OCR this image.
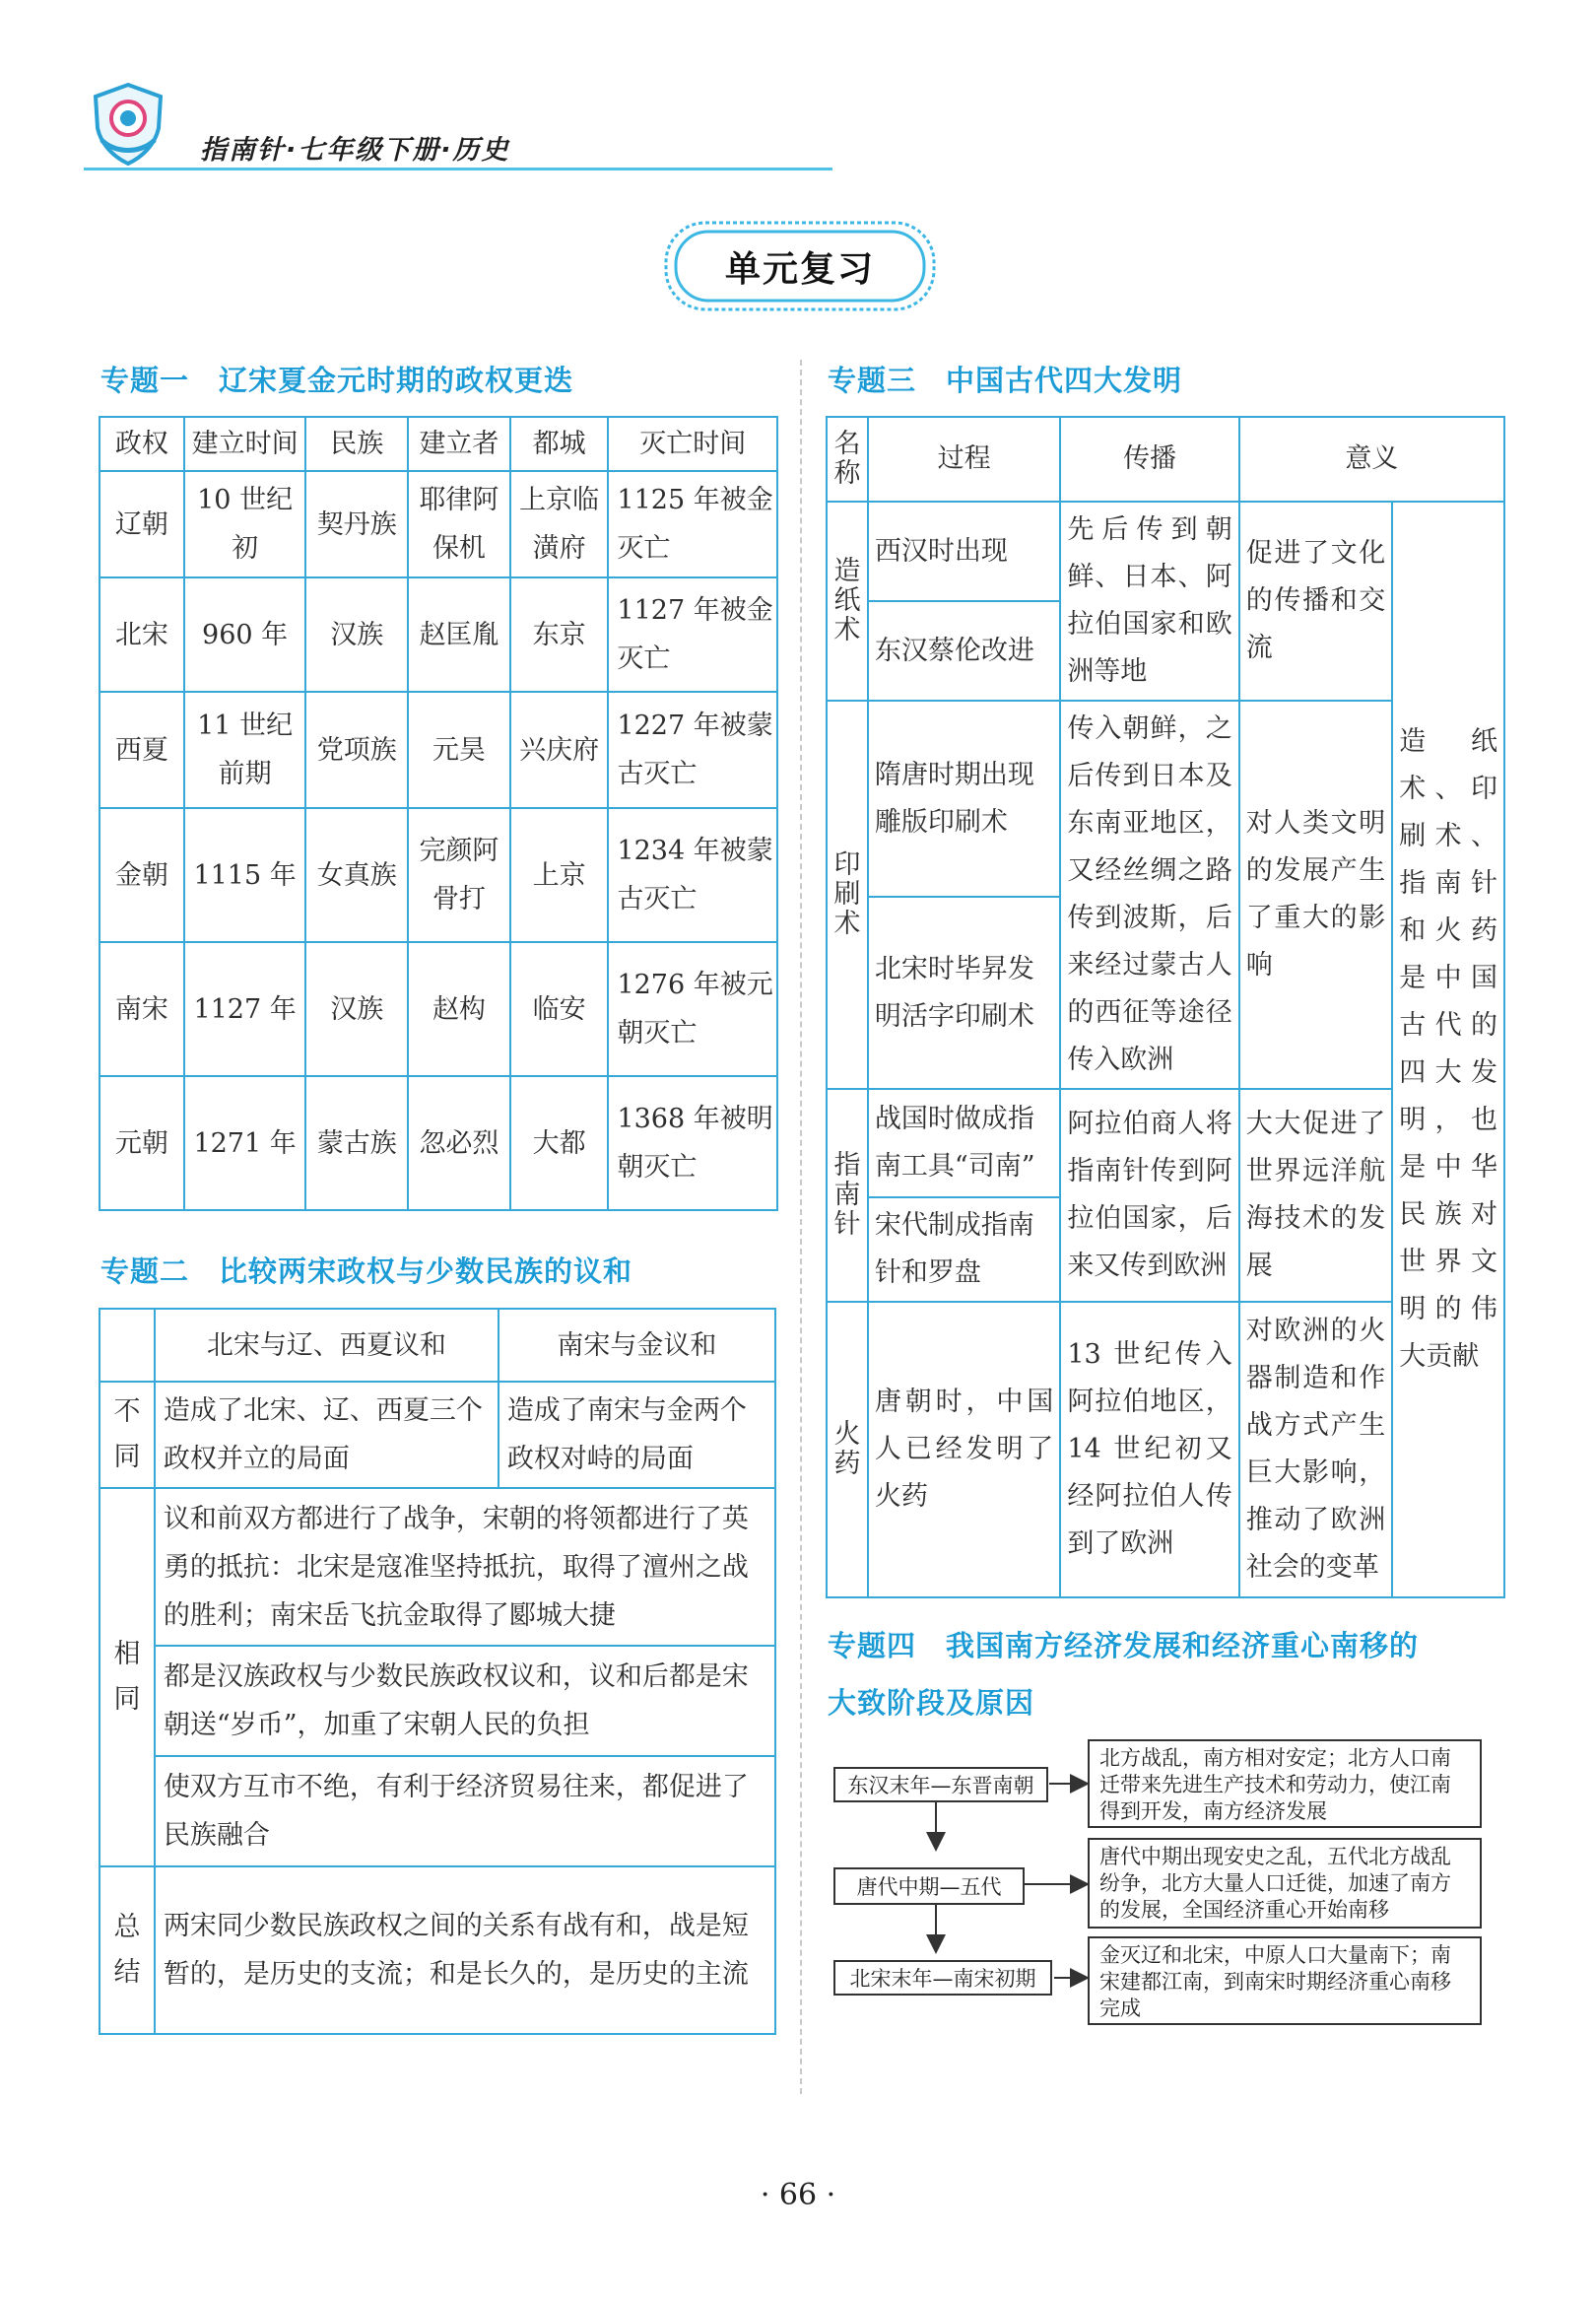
指南针·七年级下册·历史
单元复习
专题一　辽宋夏金元时期的政权更迭
政权	建立时间	民族	建立者	都城	灭亡时间
辽朝	10 世纪初	契丹族	耶律阿保机	上京临潢府	1125 年被金灭亡
北宋	960 年	汉族	赵匡胤	东京	1127 年被金灭亡
西夏	11 世纪前期	党项族	元昊	兴庆府	1227 年被蒙古灭亡
金朝	1115 年	女真族	完颜阿骨打	上京	1234 年被蒙古灭亡
南宋	1127 年	汉族	赵构	临安	1276 年被元朝灭亡
元朝	1271 年	蒙古族	忽必烈	大都	1368 年被明朝灭亡
专题二　比较两宋政权与少数民族的议和
	北宋与辽、西夏议和	南宋与金议和
不同	造成了北宋、辽、西夏三个政权并立的局面	造成了南宋与金两个政权对峙的局面
相同	议和前双方都进行了战争，宋朝的将领都进行了英勇的抵抗：北宋是寇准坚持抵抗，取得了澶州之战的胜利；南宋岳飞抗金取得了郾城大捷	
	都是汉族政权与少数民族政权议和，议和后都是宋朝送“岁币”，加重了宋朝人民的负担	
	使双方互市不绝，有利于经济贸易往来，都促进了民族融合	
总结	两宋同少数民族政权之间的关系有战有和，战是短暂的，是历史的支流；和是长久的，是历史的主流	
专题三　中国古代四大发明
名称	过程	传播	意义	
造纸术	西汉时出现	先后传到朝鲜、日本、阿拉伯国家和欧洲等地	促进了文化的传播和交流	造纸术、印刷术、指南针和火药是中国古代的四大发明，也是中华民族对世界文明的伟大贡献
	东汉蔡伦改进			
印刷术	隋唐时期出现雕版印刷术	传入朝鲜，之后传到日本及东南亚地区，又经丝绸之路传到波斯，后来经过蒙古人的西征等途径传入欧洲	对人类文明的发展产生了重大的影响	
	北宋时毕昇发明活字印刷术			
指南针	战国时做成指南工具“司南”	阿拉伯商人将指南针传到阿拉伯国家，后来又传到欧洲	大大促进了世界远洋航海技术的发展	
	宋代制成指南针和罗盘			
火药	唐朝时，中国人已经发明了火药	13 世纪传入阿拉伯地区，14 世纪初又经阿拉伯人传到了欧洲	对欧洲的火器制造和作战方式产生巨大影响，推动了欧洲社会的变革	
专题四　我国南方经济发展和经济重心南移的
大致阶段及原因
东汉末年—东晋南朝
北方战乱，南方相对安定；北方人口南迁带来先进生产技术和劳动力，使江南得到开发，南方经济发展
唐代中期—五代
唐代中期出现安史之乱，五代北方战乱纷争，北方大量人口迁徙，加速了南方的发展，全国经济重心开始南移
北宋末年—南宋初期
金灭辽和北宋，中原人口大量南下；南宋建都江南，到南宋时期经济重心南移完成
· 66 ·
